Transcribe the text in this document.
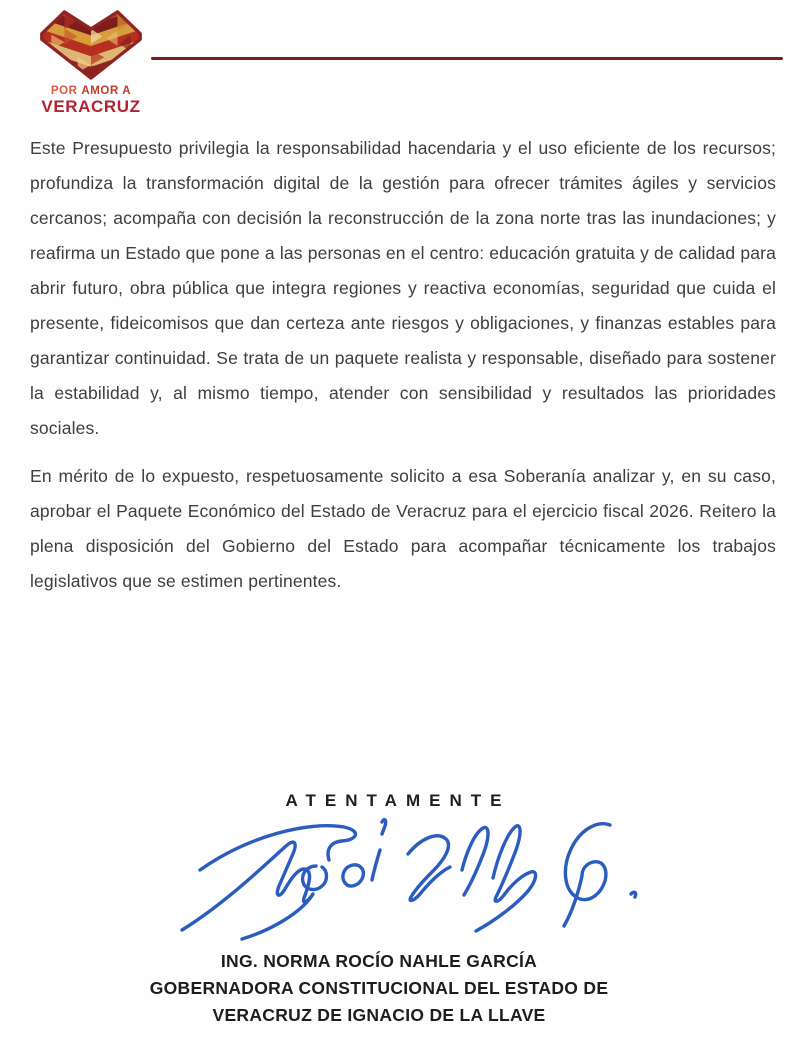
POR AMOR A
VERACRUZ

Este Presupuesto privilegia la responsabilidad hacendaria y el uso eficiente de los recursos; profundiza la transformación digital de la gestión para ofrecer trámites ágiles y servicios cercanos; acompaña con decisión la reconstrucción de la zona norte tras las inundaciones; y reafirma un Estado que pone a las personas en el centro: educación gratuita y de calidad para abrir futuro, obra pública que integra regiones y reactiva economías, seguridad que cuida el presente, fideicomisos que dan certeza ante riesgos y obligaciones, y finanzas estables para garantizar continuidad. Se trata de un paquete realista y responsable, diseñado para sostener la estabilidad y, al mismo tiempo, atender con sensibilidad y resultados las prioridades sociales.

En mérito de lo expuesto, respetuosamente solicito a esa Soberanía analizar y, en su caso, aprobar el Paquete Económico del Estado de Veracruz para el ejercicio fiscal 2026. Reitero la plena disposición del Gobierno del Estado para acompañar técnicamente los trabajos legislativos que se estimen pertinentes.

ATENTAMENTE
ING. NORMA ROCÍO NAHLE GARCÍA
GOBERNADORA CONSTITUCIONAL DEL ESTADO DE
VERACRUZ DE IGNACIO DE LA LLAVE
